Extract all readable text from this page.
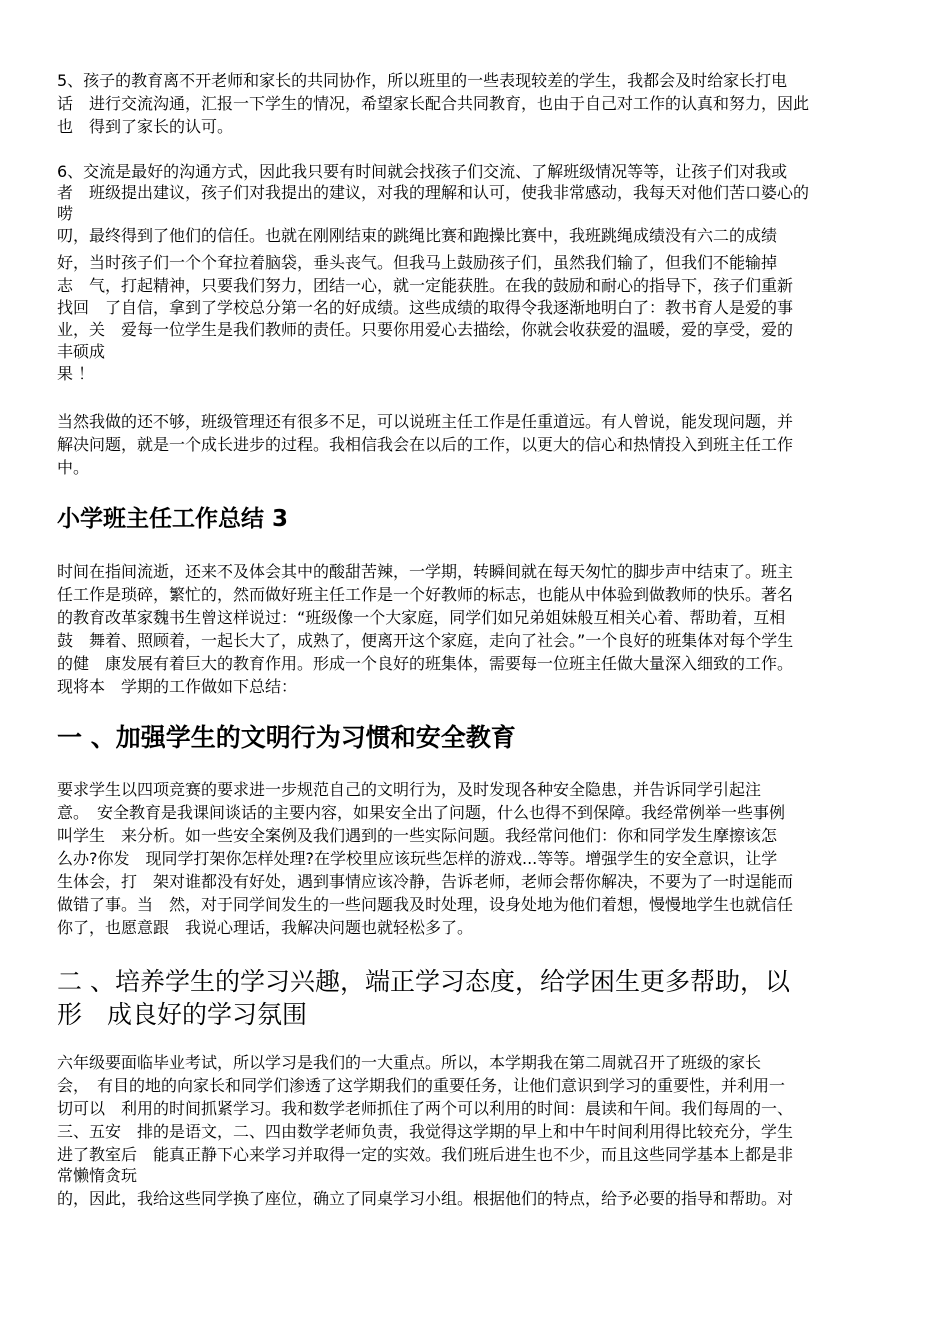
5、孩子的教育离不开老师和家长的共同协作，所以班里的一些表现较差的学生，我都会及时给家长打电
话　进行交流沟通，汇报一下学生的情况，希望家长配合共同教育，也由于自己对工作的认真和努力，因此
也　得到了家长的认可。
6、交流是最好的沟通方式，因此我只要有时间就会找孩子们交流、了解班级情况等等，让孩子们对我或
者　班级提出建议，孩子们对我提出的建议，对我的理解和认可，使我非常感动，我每天对他们苦口婆心的
唠
叨，最终得到了他们的信任。也就在刚刚结束的跳绳比赛和跑操比赛中，我班跳绳成绩没有六二的成绩
好，当时孩子们一个个耷拉着脑袋，垂头丧气。但我马上鼓励孩子们，虽然我们输了，但我们不能输掉
志　气，打起精神，只要我们努力，团结一心，就一定能获胜。在我的鼓励和耐心的指导下，孩子们重新
找回　了自信，拿到了学校总分第一名的好成绩。这些成绩的取得令我逐渐地明白了：教书育人是爱的事
业，关　爱每一位学生是我们教师的责任。只要你用爱心去描绘，你就会收获爱的温暖，爱的享受，爱的
丰硕成
果 ！
当然我做的还不够，班级管理还有很多不足，可以说班主任工作是任重道远。有人曾说，能发现问题，并
解决问题，就是一个成长进步的过程。我相信我会在以后的工作，以更大的信心和热情投入到班主任工作
中。
小学班主任工作总结 3
时间在指间流逝，还来不及体会其中的酸甜苦辣，一学期，转瞬间就在每天匆忙的脚步声中结束了。班主
任工作是琐碎，繁忙的，然而做好班主任工作是一个好教师的标志，也能从中体验到做教师的快乐。著名
的教育改革家魏书生曾这样说过：“班级像一个大家庭，同学们如兄弟姐妹般互相关心着、帮助着，互相
鼓　舞着、照顾着，一起长大了，成熟了，便离开这个家庭，走向了社会。”一个良好的班集体对每个学生
的健　康发展有着巨大的教育作用。形成一个良好的班集体，需要每一位班主任做大量深入细致的工作。
现将本　学期的工作做如下总结：
一 、加强学生的文明行为习惯和安全教育
要求学生以四项竞赛的要求进一步规范自己的文明行为，及时发现各种安全隐患，并告诉同学引起注
意。　安全教育是我课间谈话的主要内容，如果安全出了问题，什么也得不到保障。我经常例举一些事例
叫学生　来分析。如一些安全案例及我们遇到的一些实际问题。我经常问他们：你和同学发生摩擦该怎
么办?你发　现同学打架你怎样处理?在学校里应该玩些怎样的游戏...等等。增强学生的安全意识，让学
生体会，打　架对谁都没有好处，遇到事情应该冷静，告诉老师，老师会帮你解决，不要为了一时逞能而
做错了事。当　然，对于同学间发生的一些问题我及时处理，设身处地为他们着想，慢慢地学生也就信任
你了，也愿意跟　我说心理话，我解决问题也就轻松多了。
二 、培养学生的学习兴趣，端正学习态度，给学困生更多帮助，以
形　成良好的学习氛围
六年级要面临毕业考试，所以学习是我们的一大重点。所以，本学期我在第二周就召开了班级的家长
会，　有目的地的向家长和同学们渗透了这学期我们的重要任务，让他们意识到学习的重要性，并利用一
切可以　利用的时间抓紧学习。我和数学老师抓住了两个可以利用的时间：晨读和午间。我们每周的一、
三、五安　排的是语文，二、四由数学老师负责，我觉得这学期的早上和中午时间利用得比较充分，学生
进了教室后　能真正静下心来学习并取得一定的实效。我们班后进生也不少，而且这些同学基本上都是非
常懒惰贪玩
的，因此，我给这些同学换了座位，确立了同桌学习小组。根据他们的特点，给予必要的指导和帮助。对
